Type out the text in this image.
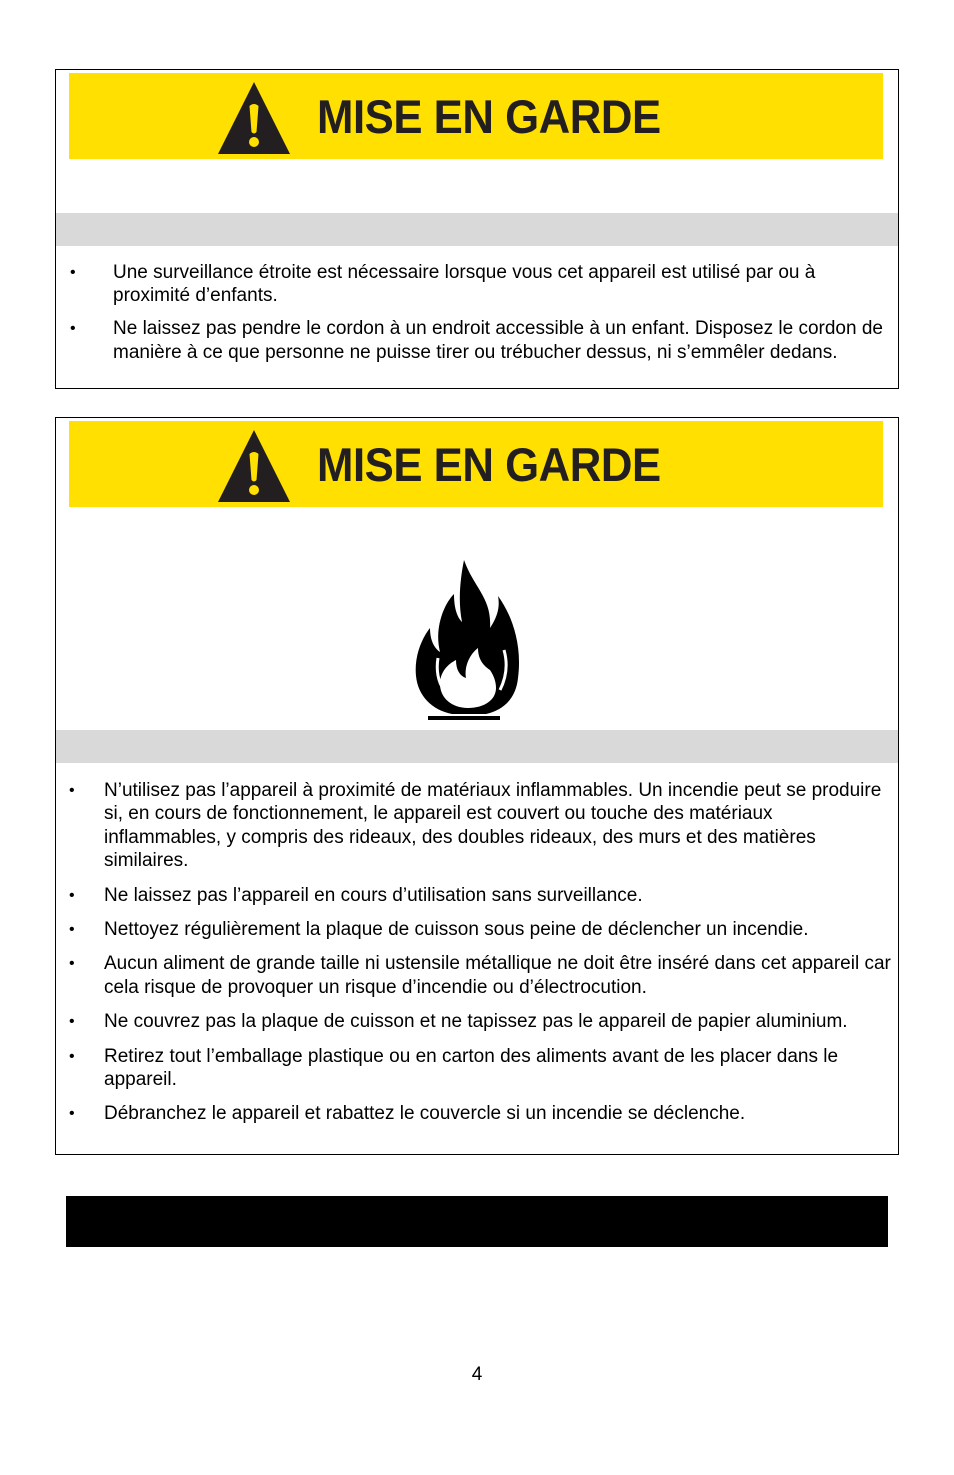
MISE EN GARDE
• Une surveillance étroite est nécessaire lorsque vous cet appareil est utilisé par ou à proximité d’enfants.
• Ne laissez pas pendre le cordon à un endroit accessible à un enfant. Disposez le cordon de manière à ce que personne ne puisse tirer ou trébucher dessus, ni s’emmêler dedans.
MISE EN GARDE
• N’utilisez pas l’appareil à proximité de matériaux inflammables. Un incendie peut se produire si, en cours de fonctionnement, le appareil est couvert ou touche des matériaux inflammables, y compris des rideaux, des doubles rideaux, des murs et des matières similaires.
• Ne laissez pas l’appareil en cours d’utilisation sans surveillance.
• Nettoyez régulièrement la plaque de cuisson sous peine de déclencher un incendie.
• Aucun aliment de grande taille ni ustensile métallique ne doit être inséré dans cet appareil car cela risque de provoquer un risque d’incendie ou d’électrocution.
• Ne couvrez pas la plaque de cuisson et ne tapissez pas le appareil de papier aluminium.
• Retirez tout l’emballage plastique ou en carton des aliments avant de les placer dans le appareil.
• Débranchez le appareil et rabattez le couvercle si un incendie se déclenche.
4
